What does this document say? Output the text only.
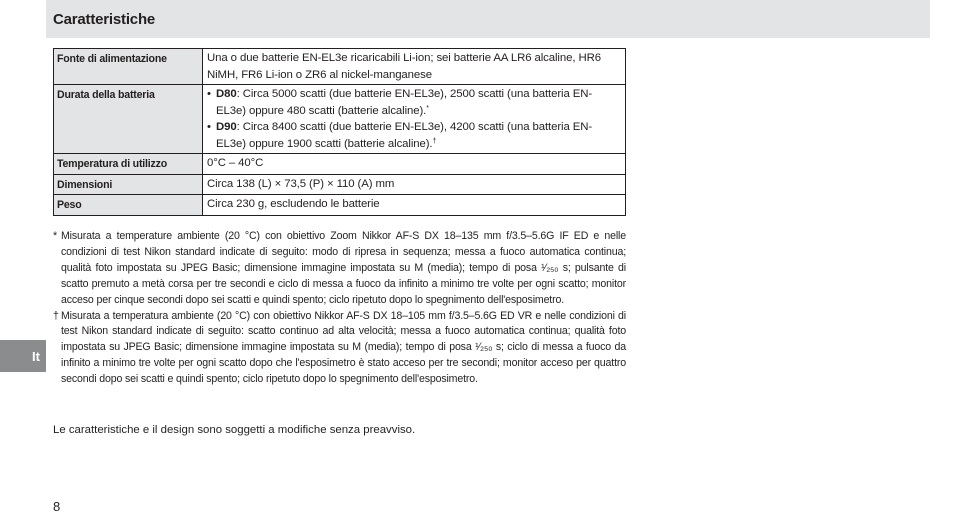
Caratteristiche
It
Fonte di alimentazione	Una o due batterie EN-EL3e ricaricabili Li-ion; sei batterie AA LR6 alcaline, HR6 NiMH, FR6 Li-ion o ZR6 al nickel-manganese
Durata della batteria	• D80: Circa 5000 scatti (due batterie EN-EL3e), 2500 scatti (una batteria EN-EL3e) oppure 480 scatti (batterie alcaline).*
• D90: Circa 8400 scatti (due batterie EN-EL3e), 4200 scatti (una batteria EN-EL3e) oppure 1900 scatti (batterie alcaline).†

Temperatura di utilizzo	0°C – 40°C
Dimensioni	Circa 138 (L) × 73,5 (P) × 110 (A) mm
Peso	Circa 230 g, escludendo le batterie
* Misurata a temperature ambiente (20 °C) con obiettivo Zoom Nikkor AF-S DX 18–135 mm f/3.5–5.6G IF ED e nelle condizioni di test Nikon standard indicate di seguito: modo di ripresa in sequenza; messa a fuoco automatica continua; qualità foto impostata su JPEG Basic; dimensione immagine impostata su M (media); tempo di posa ¹⁄₂₅₀ s; pulsante di scatto premuto a metà corsa per tre secondi e ciclo di messa a fuoco da infinito a minimo tre volte per ogni scatto; monitor acceso per cinque secondi dopo sei scatti e quindi spento; ciclo ripetuto dopo lo spegnimento dell'esposimetro.
† Misurata a temperatura ambiente (20 °C) con obiettivo Nikkor AF-S DX 18–105 mm f/3.5–5.6G ED VR e nelle condizioni di test Nikon standard indicate di seguito: scatto continuo ad alta velocità; messa a fuoco automatica continua; qualità foto impostata su JPEG Basic; dimensione immagine impostata su M (media); tempo di posa ¹⁄₂₅₀ s; ciclo di messa a fuoco da infinito a minimo tre volte per ogni scatto dopo che l'esposimetro è stato acceso per tre secondi; monitor acceso per quattro secondi dopo sei scatti e quindi spento; ciclo ripetuto dopo lo spegnimento dell'esposimetro.
Le caratteristiche e il design sono soggetti a modifiche senza preavviso.
8
